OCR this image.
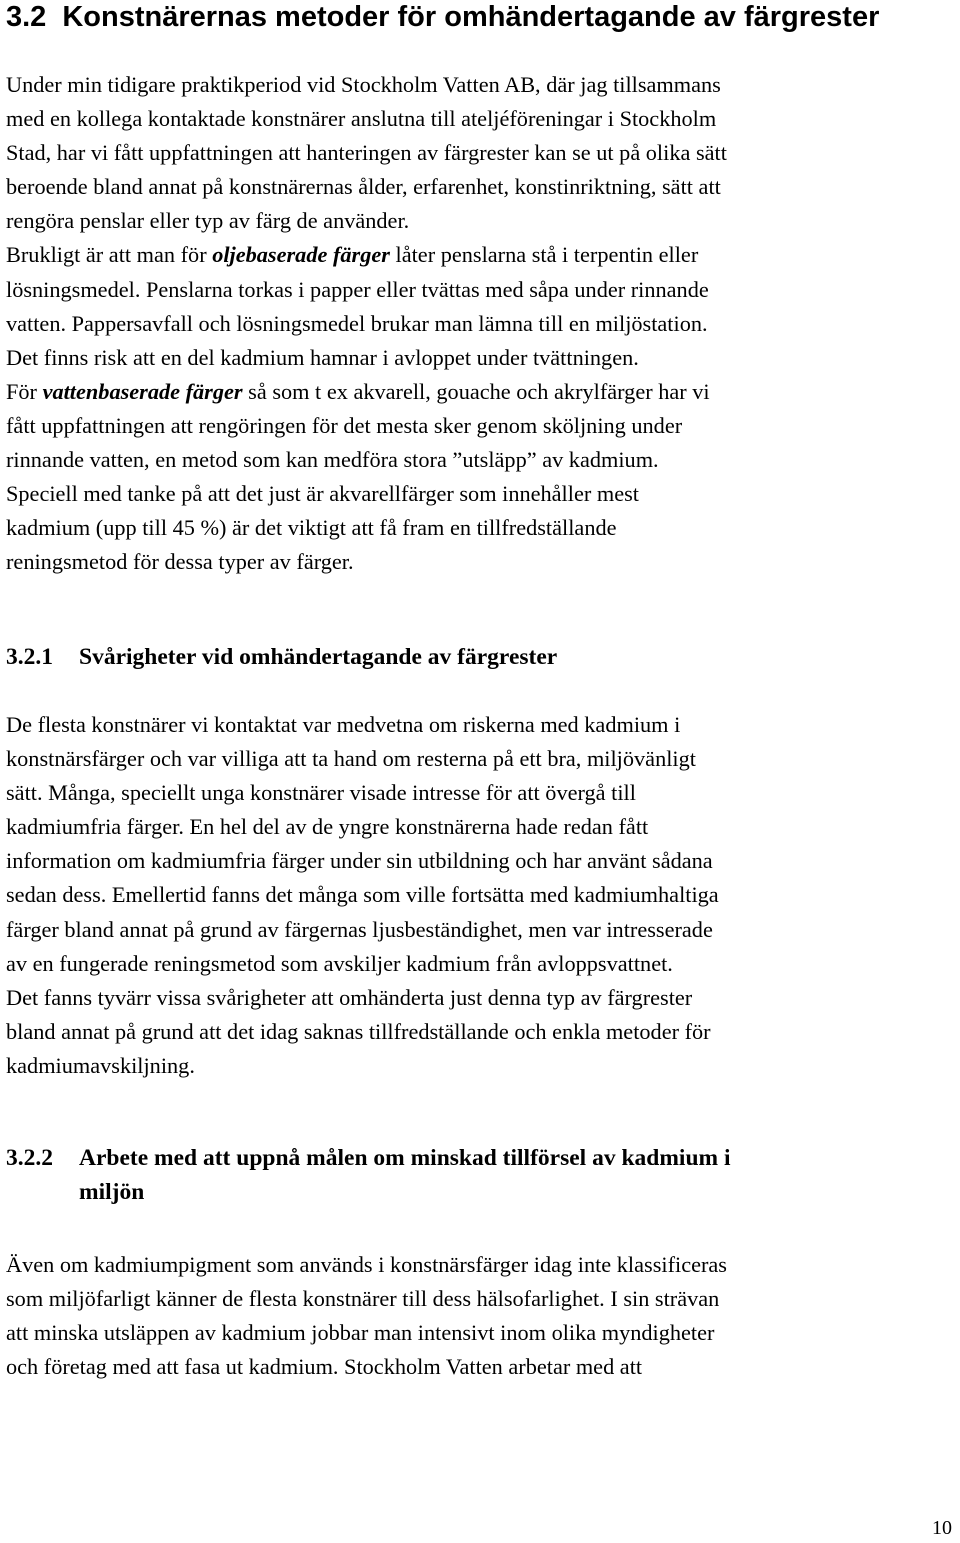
3.2 Konstnärernas metoder för omhändertagande av färgrester
Under min tidigare praktikperiod vid Stockholm Vatten AB, där jag tillsammans
med en kollega kontaktade konstnärer anslutna till ateljéföreningar i Stockholm
Stad, har vi fått uppfattningen att hanteringen av färgrester kan se ut på olika sätt
beroende bland annat på konstnärernas ålder, erfarenhet, konstinriktning, sätt att
rengöra penslar eller typ av färg de använder.
Brukligt är att man för oljebaserade färger låter penslarna stå i terpentin eller
lösningsmedel. Penslarna torkas i papper eller tvättas med såpa under rinnande
vatten. Pappersavfall och lösningsmedel brukar man lämna till en miljöstation.
Det finns risk att en del kadmium hamnar i avloppet under tvättningen.
För vattenbaserade färger så som t ex akvarell, gouache och akrylfärger har vi
fått uppfattningen att rengöringen för det mesta sker genom sköljning under
rinnande vatten, en metod som kan medföra stora ”utsläpp” av kadmium.
Speciell med tanke på att det just är akvarellfärger som innehåller mest
kadmium (upp till 45 %) är det viktigt att få fram en tillfredställande
reningsmetod för dessa typer av färger.
3.2.1 Svårigheter vid omhändertagande av färgrester
De flesta konstnärer vi kontaktat var medvetna om riskerna med kadmium i
konstnärsfärger och var villiga att ta hand om resterna på ett bra, miljövänligt
sätt. Många, speciellt unga konstnärer visade intresse för att övergå till
kadmiumfria färger. En hel del av de yngre konstnärerna hade redan fått
information om kadmiumfria färger under sin utbildning och har använt sådana
sedan dess. Emellertid fanns det många som ville fortsätta med kadmiumhaltiga
färger bland annat på grund av färgernas ljusbeständighet, men var intresserade
av en fungerade reningsmetod som avskiljer kadmium från avloppsvattnet.
Det fanns tyvärr vissa svårigheter att omhänderta just denna typ av färgrester
bland annat på grund att det idag saknas tillfredställande och enkla metoder för
kadmiumavskiljning.
3.2.2 Arbete med att uppnå målen om minskad tillförsel av kadmium i
miljön
Även om kadmiumpigment som används i konstnärsfärger idag inte klassificeras
som miljöfarligt känner de flesta konstnärer till dess hälsofarlighet. I sin strävan
att minska utsläppen av kadmium jobbar man intensivt inom olika myndigheter
och företag med att fasa ut kadmium. Stockholm Vatten arbetar med att
10
